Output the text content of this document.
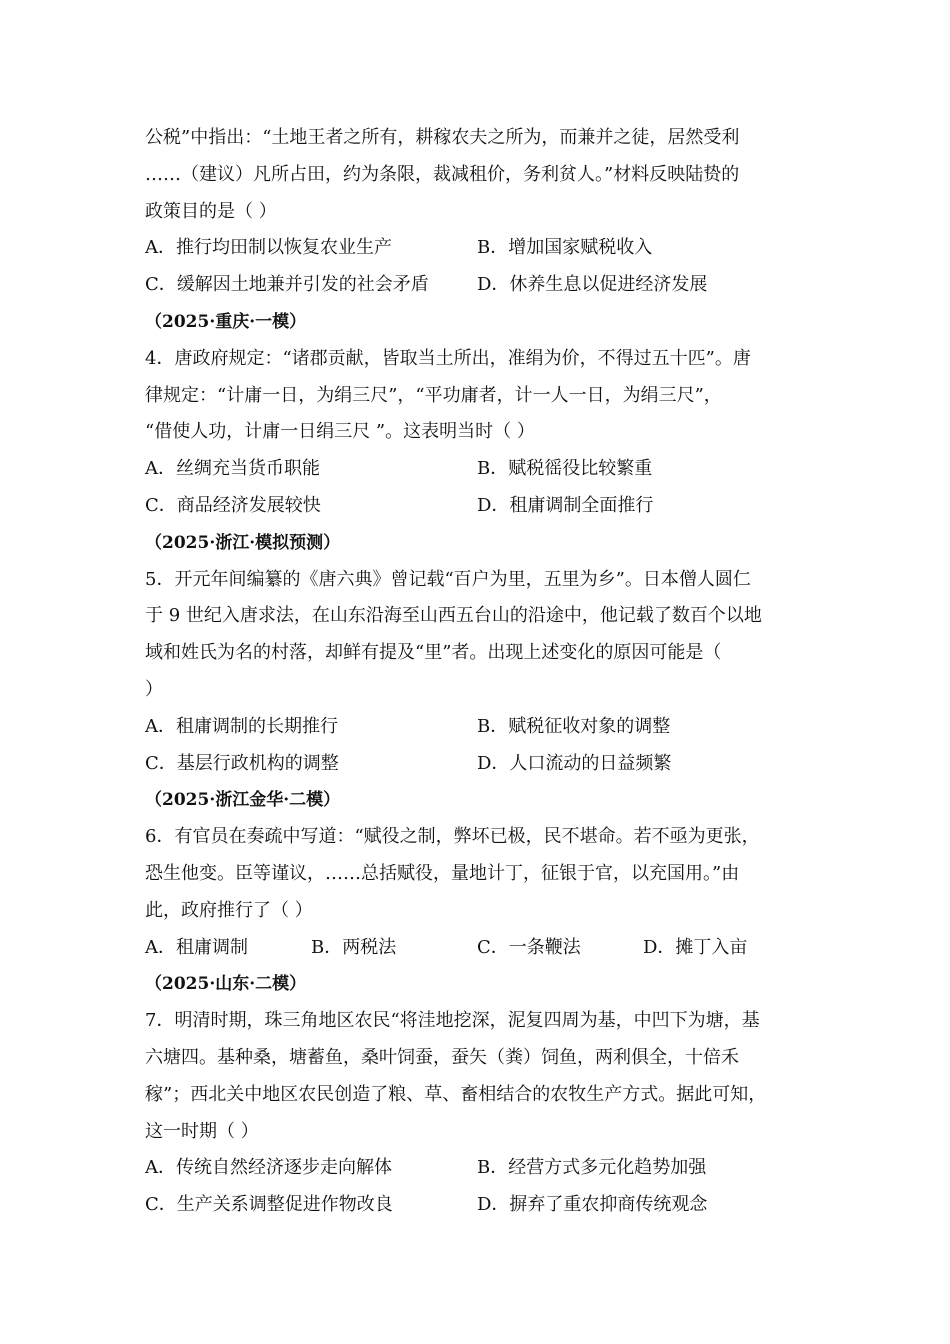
公税”中指出：“土地王者之所有，耕稼农夫之所为，而兼并之徒，居然受利
……（建议）凡所占田，约为条限，裁减租价，务利贫人。”材料反映陆贽的
政策目的是（ ）
A．推行均田制以恢复农业生产	B．增加国家赋税收入
C．缓解因土地兼并引发的社会矛盾	D．休养生息以促进经济发展
（2025·重庆·一模）
4．唐政府规定：“诸郡贡献，皆取当土所出，准绢为价，不得过五十匹”。唐
律规定：“计庸一日，为绢三尺”，“平功庸者，计一人一日，为绢三尺”，
“借使人功，计庸一日绢三尺 ”。这表明当时（ ）
A．丝绸充当货币职能	B．赋税徭役比较繁重
C．商品经济发展较快	D．租庸调制全面推行
（2025·浙江·模拟预测）
5．开元年间编纂的《唐六典》曾记载“百户为里，五里为乡”。日本僧人圆仁
于 9 世纪入唐求法，在山东沿海至山西五台山的沿途中，他记载了数百个以地
域和姓氏为名的村落，却鲜有提及“里”者。出现上述变化的原因可能是（
）
A．租庸调制的长期推行	B．赋税征收对象的调整
C．基层行政机构的调整	D．人口流动的日益频繁
（2025·浙江金华·二模）
6．有官员在奏疏中写道：“赋役之制，弊坏已极，民不堪命。若不亟为更张，
恐生他变。臣等谨议，……总括赋役，量地计丁，征银于官，以充国用。”由
此，政府推行了（ ）
A．租庸调制	B．两税法	C．一条鞭法	D．摊丁入亩
（2025·山东·二模）
7．明清时期，珠三角地区农民“将洼地挖深，泥复四周为基，中凹下为塘，基
六塘四。基种桑，塘蓄鱼，桑叶饲蚕，蚕矢（粪）饲鱼，两利俱全，十倍禾
稼”；西北关中地区农民创造了粮、草、畜相结合的农牧生产方式。据此可知，
这一时期（ ）
A．传统自然经济逐步走向解体	B．经营方式多元化趋势加强
C．生产关系调整促进作物改良	D．摒弃了重农抑商传统观念
